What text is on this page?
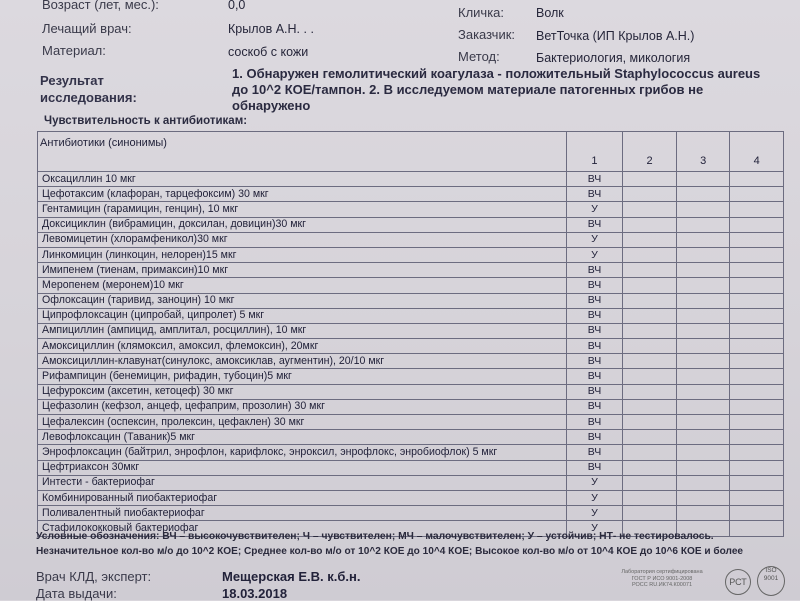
Возраст (лет, мес.):	0,0	Кличка:	Волк
Лечащий врач:	Крылов А.Н. . .	Заказчик: ВетТочка (ИП Крылов А.Н.)
Материал:	соскоб с кожи	Метод:	Бактериология, микология
Результат
исследования:
1. Обнаружен гемолитический коагулаза - положительный Staphylococcus aureus до 10^2 КОЕ/тампон. 2. В исследуемом материале патогенных грибов не обнаружено
Чувствительность к антибиотикам:
Антибиотики (синонимы)	1	2	3	4
Оксациллин 10 мкг	ВЧ			
Цефотаксим (клафоран, тарцефоксим) 30 мкг	ВЧ			
Гентамицин (гарамицин, генцин), 10 мкг	У			
Доксициклин (вибрамицин, доксилан, довицин)30 мкг	ВЧ			
Левомицетин (хлорамфеникол)30 мкг	У			
Линкомицин (линкоцин, нелорен)15 мкг	У			
Имипенем (тиенам, примаксин)10 мкг	ВЧ			
Меропенем (меронем)10 мкг	ВЧ			
Офлоксацин (таривид, заноцин) 10 мкг	ВЧ			
Ципрофлоксацин (ципробай, ципролет) 5 мкг	ВЧ			
Ампициллин (ампицид, амплитал, росциллин), 10 мкг	ВЧ			
Амоксициллин (клямоксил, амоксил, флемоксин), 20мкг	ВЧ			
Амоксициллин-клавунат(синулокс, амоксиклав, аугментин), 20/10 мкг	ВЧ			
Рифампицин (бенемицин, рифадин, тубоцин)5 мкг	ВЧ			
Цефуроксим (аксетин, кетоцеф) 30 мкг	ВЧ			
Цефазолин (кефзол, анцеф, цефаприм, прозолин) 30 мкг	ВЧ			
Цефалексин (оспексин, пролексин, цефаклен) 30 мкг	ВЧ			
Левофлоксацин (Таваник)5 мкг	ВЧ			
Энрофлоксацин (байтрил, энрофлон, карифлокс, энроксил, энрофлокс, энробиофлок) 5 мкг	ВЧ			
Цефтриаксон 30мкг	ВЧ			
Интести - бактериофаг	У			
Комбинированный пиобактериофаг	У			
Поливалентный пиобактериофаг	У			
Стафилококковый бактериофаг	У			
Условные обозначения: ВЧ – высокочувствителен; Ч – чувствителен; МЧ – малочувствителен; У – устойчив; НТ- не тестировалось.
Незначительное кол-во м/о до 10^2 КОЕ; Среднее кол-во м/о от 10^2 КОЕ до 10^4 КОЕ; Высокое кол-во м/о от 10^4 КОЕ до 10^6 КОЕ и более
Врач КЛД, эксперт:	Мещерская Е.В. к.б.н.
Дата выдачи:	18.03.2018
Лаборатория сертифицирована
ГОСТ Р ИСО 9001-2008
РОСС RU.ИК74.К00071	РСТ
ISO 9001
